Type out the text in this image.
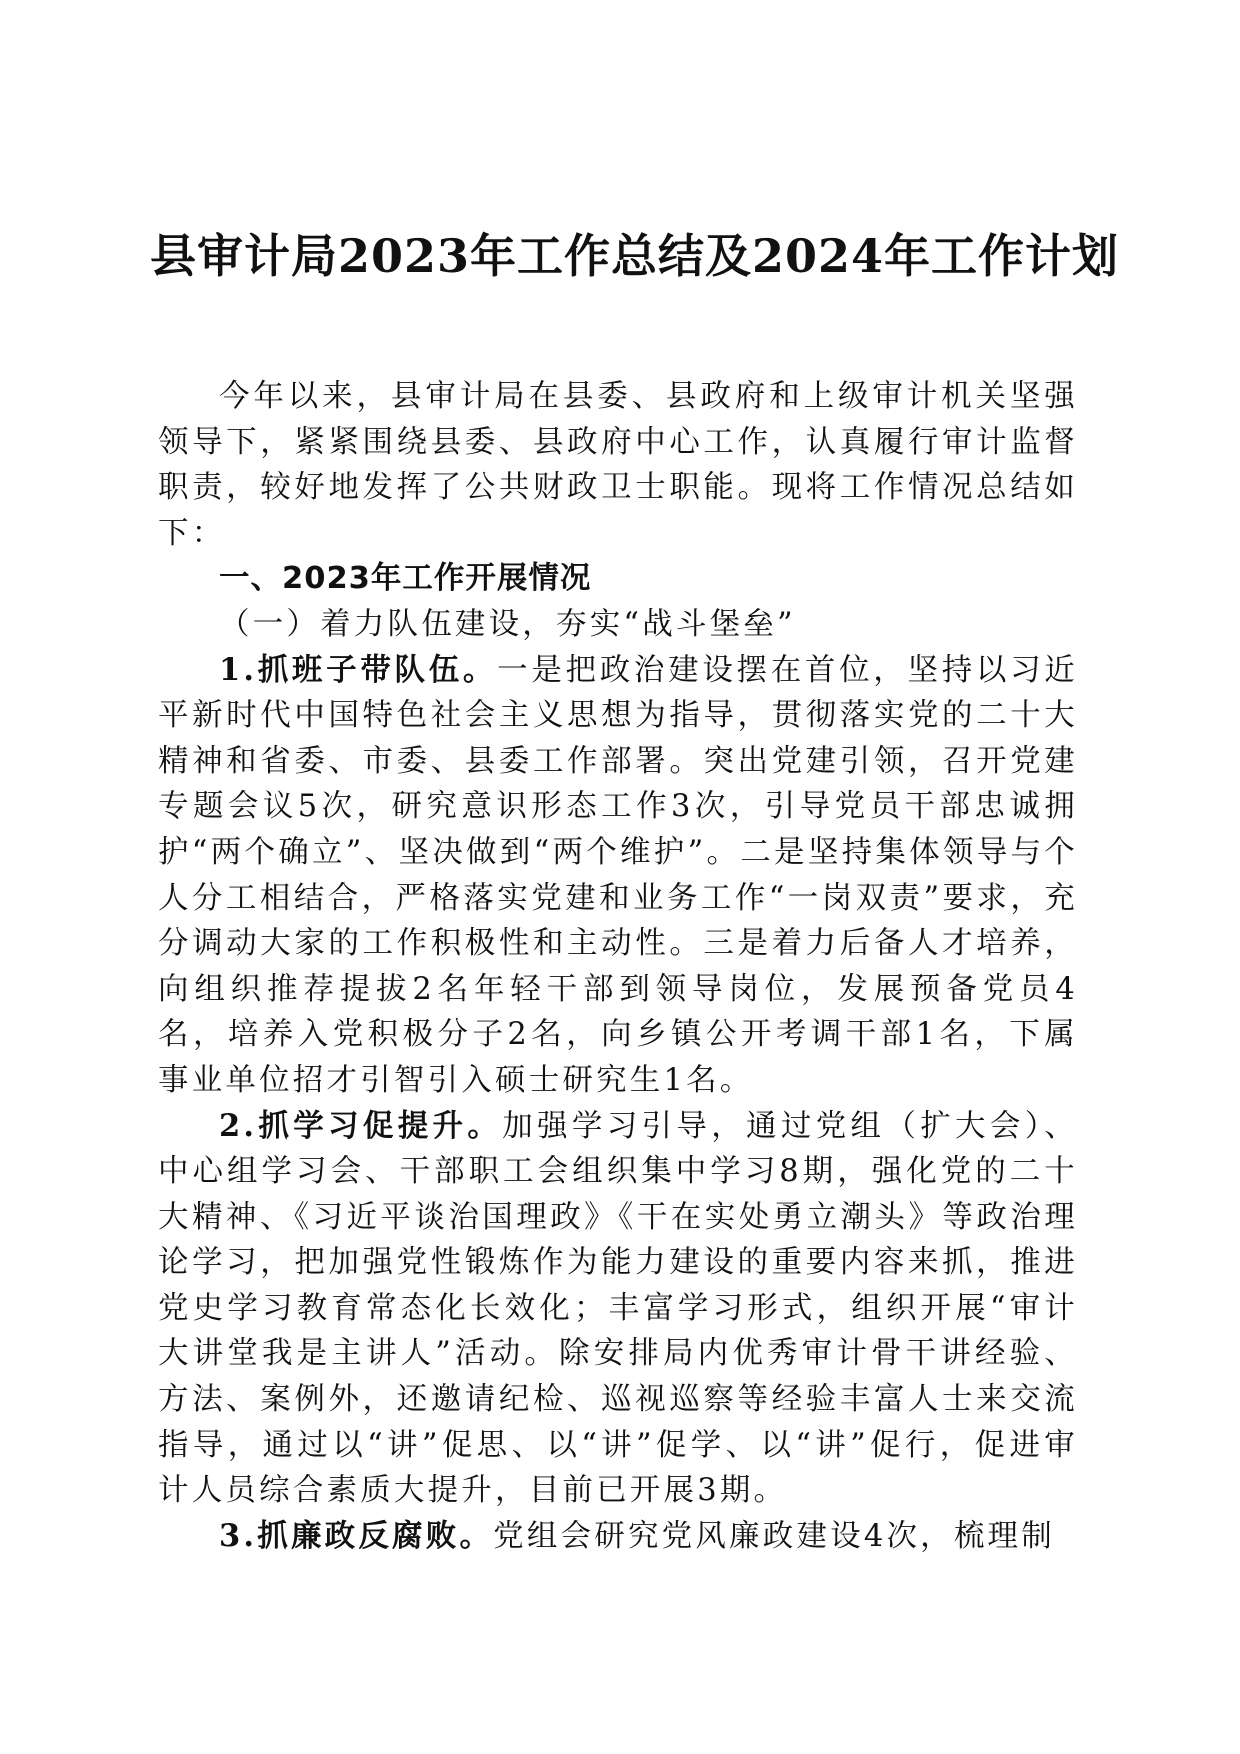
县审计局2023年工作总结及2024年工作计划

今年以来，县审计局在县委、县政府和上级审计机关坚强领导下，紧紧围绕县委、县政府中心工作，认真履行审计监督职责，较好地发挥了公共财政卫士职能。现将工作情况总结如下：

一、2023年工作开展情况

（一）着力队伍建设，夯实“战斗堡垒”

1.抓班子带队伍。一是把政治建设摆在首位，坚持以习近平新时代中国特色社会主义思想为指导，贯彻落实党的二十大精神和省委、市委、县委工作部署。突出党建引领，召开党建专题会议5次，研究意识形态工作3次，引导党员干部忠诚拥护“两个确立”、坚决做到“两个维护”。二是坚持集体领导与个人分工相结合，严格落实党建和业务工作“一岗双责”要求，充分调动大家的工作积极性和主动性。三是着力后备人才培养，向组织推荐提拔2名年轻干部到领导岗位，发展预备党员4名，培养入党积极分子2名，向乡镇公开考调干部1名，下属事业单位招才引智引入硕士研究生1名。

2.抓学习促提升。加强学习引导，通过党组（扩大会）、中心组学习会、干部职工会组织集中学习8期，强化党的二十大精神、《习近平谈治国理政》《干在实处勇立潮头》等政治理论学习，把加强党性锻炼作为能力建设的重要内容来抓，推进党史学习教育常态化长效化；丰富学习形式，组织开展“审计大讲堂我是主讲人”活动。除安排局内优秀审计骨干讲经验、方法、案例外，还邀请纪检、巡视巡察等经验丰富人士来交流指导，通过以“讲”促思、以“讲”促学、以“讲”促行，促进审计人员综合素质大提升，目前已开展3期。

3.抓廉政反腐败。党组会研究党风廉政建设4次，梳理制
